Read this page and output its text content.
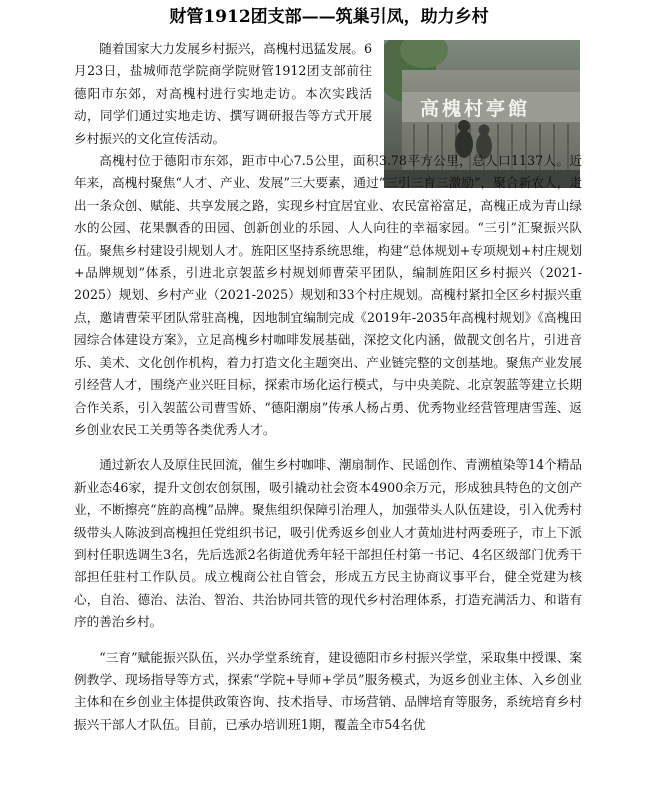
财管1912团支部——筑巢引凤，助力乡村
高槐村亭館

随着国家大力发展乡村振兴，高槐村迅猛发展。6月23日，盐城师范学院商学院财管1912团支部前往德阳市东郊，对高槐村进行实地走访。本次实践活动，同学们通过实地走访、撰写调研报告等方式开展乡村振兴的文化宣传活动。

高槐村位于德阳市东郊，距市中心7.5公里，面积3.78平方公里，总人口1137人。近年来，高槐村聚焦“人才、产业、发展”三大要素，通过“三引三育三激励”，聚合新农人，走出一条众创、赋能、共享发展之路，实现乡村宜居宜业、农民富裕富足，高槐正成为青山绿水的公园、花果飘香的田园、创新创业的乐园、人人向往的幸福家园。“三引”汇聚振兴队伍。聚焦乡村建设引规划人才。旌阳区坚持系统思维，构建“总体规划+专项规划+村庄规划+品牌规划”体系，引进北京袈蓝乡村规划师曹荣平团队，编制旌阳区乡村振兴（2021-2025）规划、乡村产业（2021-2025）规划和33个村庄规划。高槐村紧扣全区乡村振兴重点，邀请曹荣平团队常驻高槐，因地制宜编制完成《2019年-2035年高槐村规划》《高槐田园综合体建设方案》，立足高槐乡村咖啡发展基础，深挖文化内涵，做靓文创名片，引进音乐、美术、文化创作机构，着力打造文化主题突出、产业链完整的文创基地。聚焦产业发展引经营人才，围绕产业兴旺目标，探索市场化运行模式，与中央美院、北京袈蓝等建立长期合作关系，引入袈蓝公司曹雪娇、“德阳潮扇”传承人杨占勇、优秀物业经营管理唐雪莲、返乡创业农民工关勇等各类优秀人才。

通过新农人及原住民回流，催生乡村咖啡、潮扇制作、民谣创作、青溯植染等14个精品新业态46家，提升文创农创氛围，吸引撬动社会资本4900余万元，形成独具特色的文创产业，不断擦亮“旌韵高槐”品牌。聚焦组织保障引治理人，加强带头人队伍建设，引入优秀村级带头人陈波到高槐担任党组织书记，吸引优秀返乡创业人才黄灿进村两委班子，市上下派到村任职选调生3名，先后选派2名街道优秀年轻干部担任村第一书记、4名区级部门优秀干部担任驻村工作队员。成立槐商公社自管会，形成五方民主协商议事平台，健全党建为核心，自治、德治、法治、智治、共治协同共管的现代乡村治理体系，打造充满活力、和谐有序的善治乡村。

“三育”赋能振兴队伍，兴办学堂系统育，建设德阳市乡村振兴学堂，采取集中授课、案例教学、现场指导等方式，探索“学院+导师+学员”服务模式，为返乡创业主体、入乡创业主体和在乡创业主体提供政策咨询、技术指导、市场营销、品牌培育等服务，系统培育乡村振兴干部人才队伍。目前，已承办培训班1期，覆盖全市54名优
